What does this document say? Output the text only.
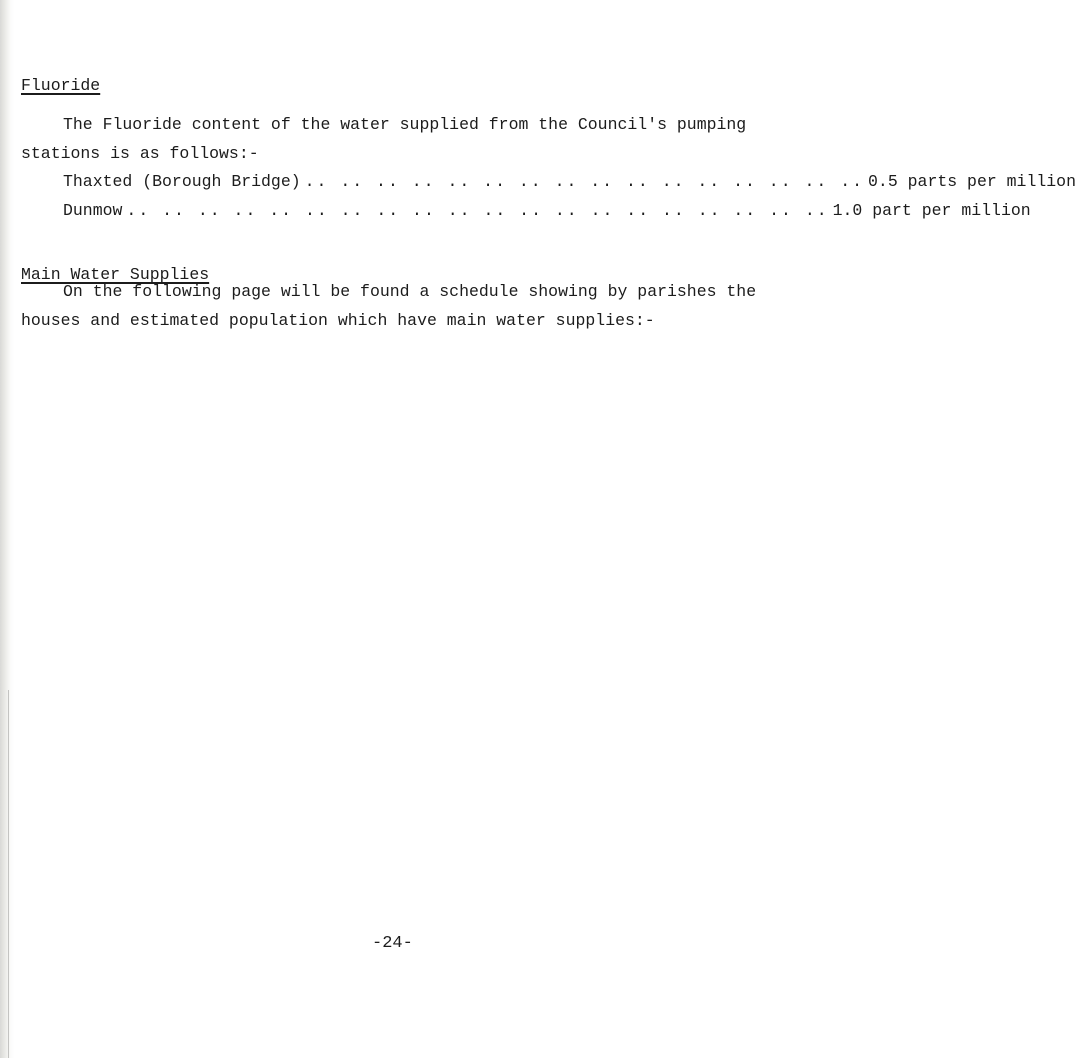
Fluoride
The Fluoride content of the water supplied from the Council's pumping
stations is as follows:-
Thaxted (Borough Bridge) .. .. .. .. .. .. .. .. .. .. .. .. .. .. .. .. 0.5 parts per million
Dunmow .. .. .. .. .. .. .. .. .. .. .. .. .. .. .. .. .. .. .. .. 1.0 part per million
Main Water Supplies
On the following page will be found a schedule showing by parishes the
houses and estimated population which have main water supplies:-
-24-
